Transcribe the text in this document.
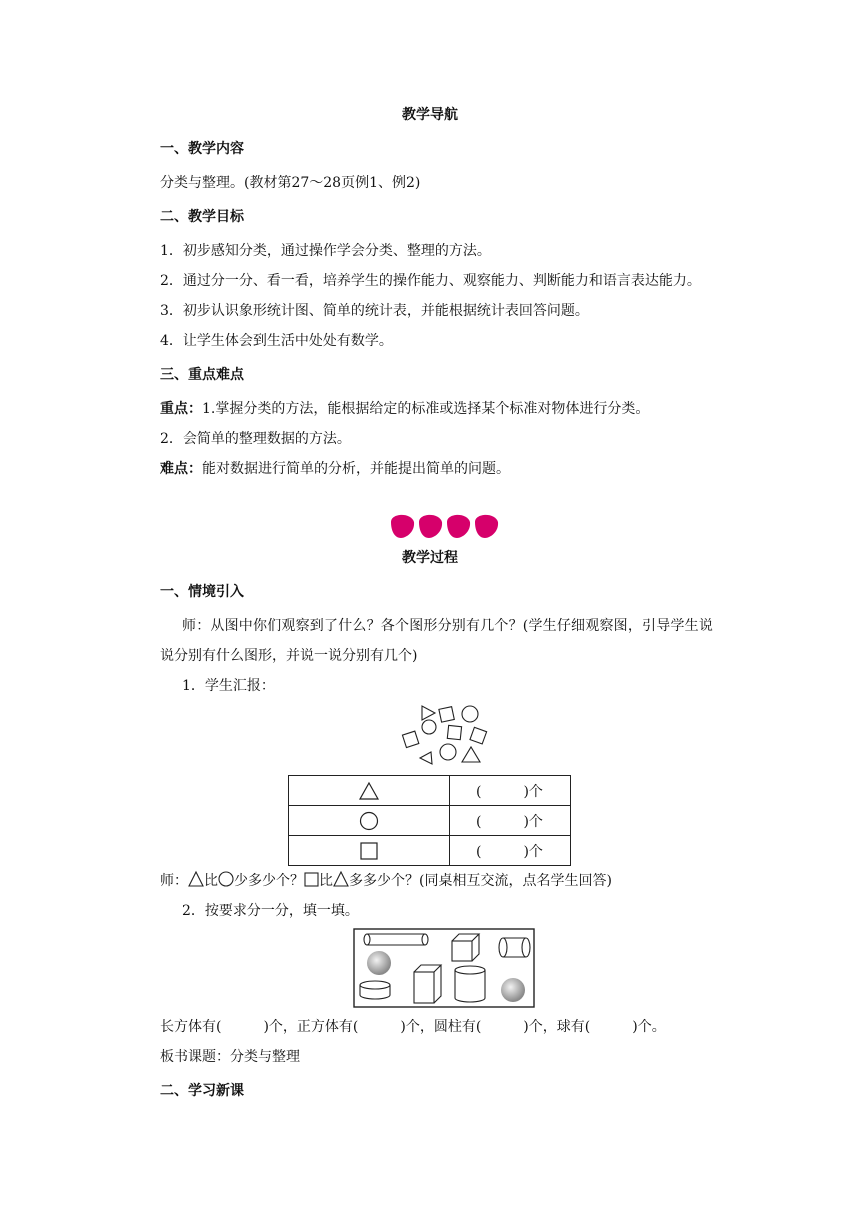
教学导航
一、教学内容
分类与整理。(教材第27～28页例1、例2)
二、教学目标
1．初步感知分类，通过操作学会分类、整理的方法。
2．通过分一分、看一看，培养学生的操作能力、观察能力、判断能力和语言表达能力。
3．初步认识象形统计图、简单的统计表，并能根据统计表回答问题。
4．让学生体会到生活中处处有数学。
三、重点难点
重点：1.掌握分类的方法，能根据给定的标准或选择某个标准对物体进行分类。
2．会简单的整理数据的方法。
难点：能对数据进行简单的分析，并能提出简单的问题。
教学过程
一、情境引入
师：从图中你们观察到了什么？各个图形分别有几个？(学生仔细观察图，引导学生说
说分别有什么图形，并说一说分别有几个)
1．学生汇报：
	(　　　)个
	(　　　)个
	(　　　)个
师： 比 少多少个？ 比 多多少个？(同桌相互交流，点名学生回答)
2．按要求分一分，填一填。
长方体有(　　　)个，正方体有(　　　)个，圆柱有(　　　)个，球有(　　　)个。
板书课题：分类与整理
二、学习新课
